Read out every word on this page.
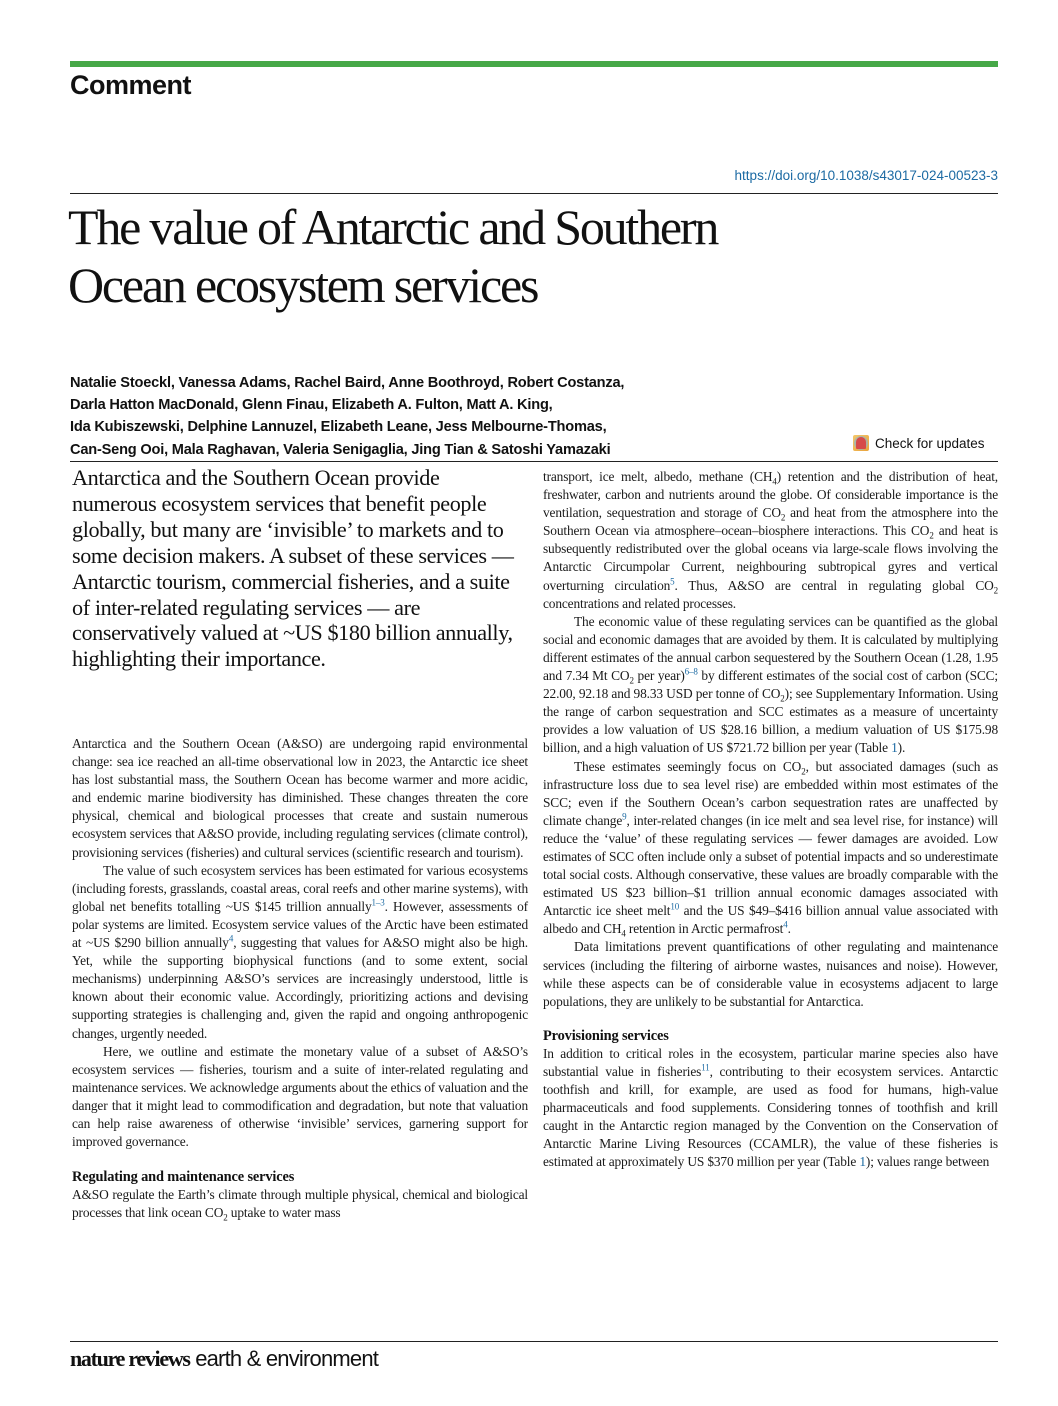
Comment
https://doi.org/10.1038/s43017-024-00523-3
The value of Antarctic and Southern
Ocean ecosystem services
Natalie Stoeckl, Vanessa Adams, Rachel Baird, Anne Boothroyd, Robert Costanza,
Darla Hatton MacDonald, Glenn Finau, Elizabeth A. Fulton, Matt A. King,
Ida Kubiszewski, Delphine Lannuzel, Elizabeth Leane, Jess Melbourne-Thomas,
Can-Seng Ooi, Mala Raghavan, Valeria Senigaglia, Jing Tian & Satoshi Yamazaki	Check for updates
Antarctica and the Southern Ocean provide numerous ecosystem services that benefit people globally, but many are ‘invisible’ to markets and to some decision makers. A subset of these services — Antarctic tourism, commercial fisheries, and a suite of inter-related regulating services — are conservatively valued at ~US $180 billion annually, highlighting their importance.

Antarctica and the Southern Ocean (A&SO) are undergoing rapid environmental change: sea ice reached an all-time observational low in 2023, the Antarctic ice sheet has lost substantial mass, the Southern Ocean has become warmer and more acidic, and endemic marine biodiversity has diminished. These changes threaten the core physical, chemical and biological processes that create and sustain numerous ecosystem services that A&SO provide, including regulating services (climate control), provisioning services (fisheries) and cultural services (scientific research and tourism).

The value of such ecosystem services has been estimated for various ecosystems (including forests, grasslands, coastal areas, coral reefs and other marine systems), with global net benefits totalling ~US $145 trillion annually$^{1-3}$. However, assessments of polar systems are limited. Ecosystem service values of the Arctic have been estimated at ~US $290 billion annually$^4$, suggesting that values for A&SO might also be high. Yet, while the supporting biophysical functions (and to some extent, social mechanisms) underpinning A&SO’s services are increasingly understood, little is known about their economic value. Accordingly, prioritizing actions and devising supporting strategies is challenging and, given the rapid and ongoing anthropogenic changes, urgently needed.

Here, we outline and estimate the monetary value of a subset of A&SO’s ecosystem services — fisheries, tourism and a suite of inter-related regulating and maintenance services. We acknowledge arguments about the ethics of valuation and the danger that it might lead to commodification and degradation, but note that valuation can help raise awareness of otherwise ‘invisible’ services, garnering support for improved governance.

Regulating and maintenance services

A&SO regulate the Earth’s climate through multiple physical, chemical and biological processes that link ocean $CO_2$ uptake to water mass

transport, ice melt, albedo, methane $(CH_4)$ retention and the distribution of heat, freshwater, carbon and nutrients around the globe. Of considerable importance is the ventilation, sequestration and storage of $CO_2$ and heat from the atmosphere into the Southern Ocean via atmosphere–ocean–biosphere interactions. This $CO_2$ and heat is subsequently redistributed over the global oceans via large-scale flows involving the Antarctic Circumpolar Current, neighbouring subtropical gyres and vertical overturning circulation$^5$. Thus, A&SO are central in regulating global $CO_2$ concentrations and related processes.

The economic value of these regulating services can be quantified as the global social and economic damages that are avoided by them. It is calculated by multiplying different estimates of the annual carbon sequestered by the Southern Ocean (1.28, 1.95 and 7.34 Mt $CO_2$ per year)$^{6-8}$ by different estimates of the social cost of carbon (SCC; 22.00, 92.18 and 98.33 USD per tonne of $CO_2$); see Supplementary Information. Using the range of carbon sequestration and SCC estimates as a measure of uncertainty provides a low valuation of US $28.16 billion, a medium valuation of US $175.98 billion, and a high valuation of US $721.72 billion per year (Table 1).

These estimates seemingly focus on $CO_2$, but associated damages (such as infrastructure loss due to sea level rise) are embedded within most estimates of the SCC; even if the Southern Ocean’s carbon sequestration rates are unaffected by climate change$^9$, inter-related changes (in ice melt and sea level rise, for instance) will reduce the ‘value’ of these regulating services — fewer damages are avoided. Low estimates of SCC often include only a subset of potential impacts and so underestimate total social costs. Although conservative, these values are broadly comparable with the estimated US $23 billion–$1 trillion annual economic damages associated with Antarctic ice sheet melt$^{10}$ and the US $49–$416 billion annual value associated with albedo and $CH_4$ retention in Arctic permafrost$^4$.

Data limitations prevent quantifications of other regulating and maintenance services (including the filtering of airborne wastes, nuisances and noise). However, while these aspects can be of considerable value in ecosystems adjacent to large populations, they are unlikely to be substantial for Antarctica.

Provisioning services

In addition to critical roles in the ecosystem, particular marine species also have substantial value in fisheries$^{11}$, contributing to their ecosystem services. Antarctic toothfish and krill, for example, are used as food for humans, high-value pharmaceuticals and food supplements. Considering tonnes of toothfish and krill caught in the Antarctic region managed by the Convention on the Conservation of Antarctic Marine Living Resources (CCAMLR), the value of these fisheries is estimated at approximately US $370 million per year (Table 1); values range between

nature reviews earth & environment
